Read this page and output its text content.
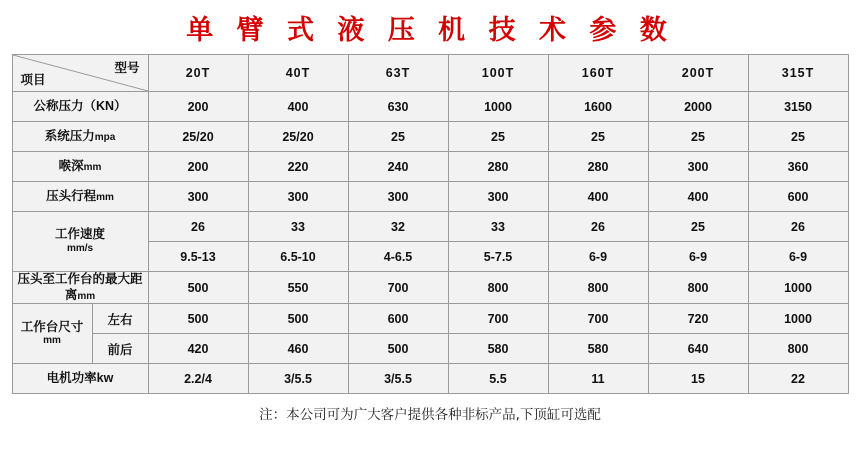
单 臂 式 液 压 机 技 术 参 数
型号
项目		20T	40T	63T	100T	160T	200T	315T
公称压力（KN）		200	400	630	1000	1600	2000	3150
系统压力mpa		25/20	25/20	25	25	25	25	25
喉深mm		200	220	240	280	280	300	360
压头行程mm		300	300	300	300	400	400	600

工作速度
mm/s		26	33	32	33	26	25	26
		9.5-13	6.5-10	4-6.5	5-7.5	6-9	6-9	6-9
压头至工作台的最大距离mm		500	550	700	800	800	800	1000

工作台尺寸
mm	左右	500	500	600	700	700	720	1000
	前后	420	460	500	580	580	640	800
电机功率kw		2.2/4	3/5.5	3/5.5	5.5	11	15	22
注：本公司可为广大客户提供各种非标产品,下顶缸可选配
